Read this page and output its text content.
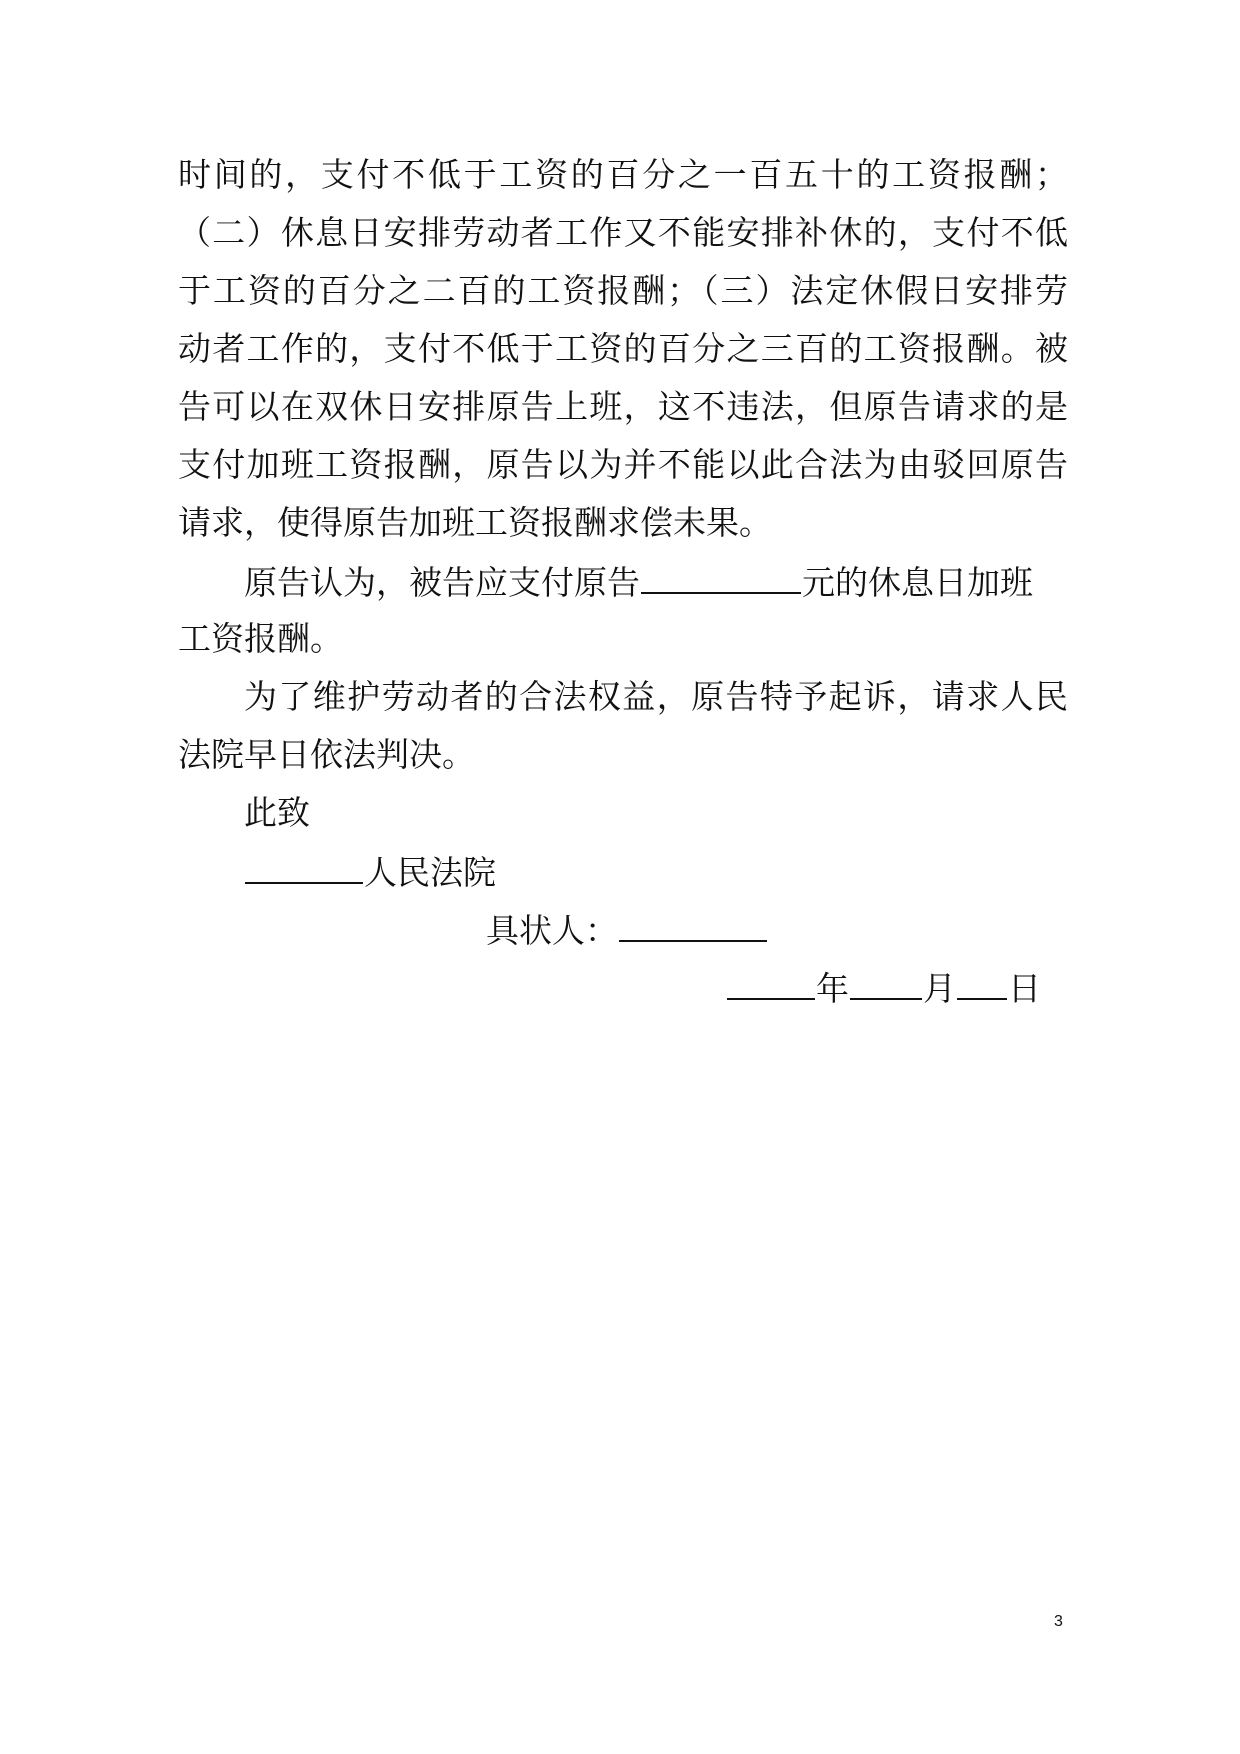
时间的，支付不低于工资的百分之一百五十的工资报酬；
（二）休息日安排劳动者工作又不能安排补休的，支付不低
于工资的百分之二百的工资报酬；（三）法定休假日安排劳
动者工作的，支付不低于工资的百分之三百的工资报酬。被
告可以在双休日安排原告上班，这不违法，但原告请求的是
支付加班工资报酬，原告以为并不能以此合法为由驳回原告
请求，使得原告加班工资报酬求偿未果。
原告认为，被告应支付原告	元的休息日加班
工资报酬。
为了维护劳动者的合法权益，原告特予起诉，请求人民
法院早日依法判决。
此致
人民法院
具状人：
年 月 日
3
